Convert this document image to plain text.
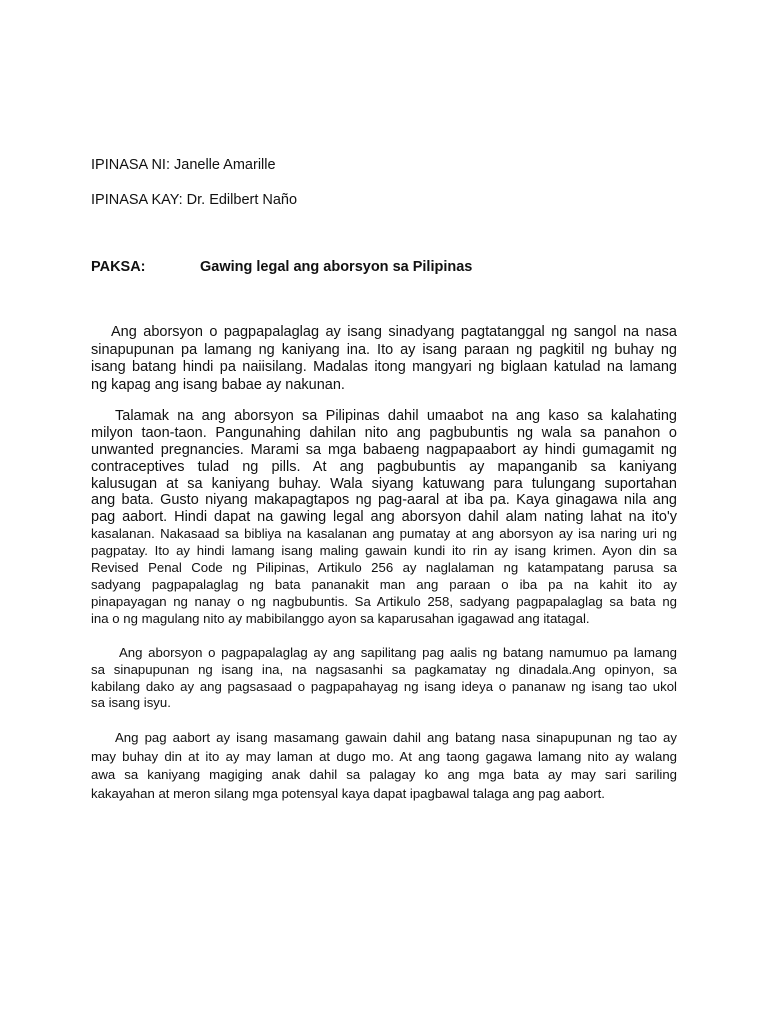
IPINASA NI: Janelle Amarille
IPINASA KAY: Dr. Edilbert Naño
PAKSA:	Gawing legal ang aborsyon sa Pilipinas
Ang aborsyon o pagpapalaglag ay isang sinadyang pagtatanggal ng sangol na nasa
sinapupunan pa lamang ng kaniyang ina. Ito ay isang paraan ng pagkitil ng buhay ng
isang batang hindi pa naiisilang. Madalas itong mangyari ng biglaan katulad na lamang
ng kapag ang isang babae ay nakunan.
Talamak na ang aborsyon sa Pilipinas dahil umaabot na ang kaso sa kalahating
milyon taon-taon. Pangunahing dahilan nito ang pagbubuntis ng wala sa panahon o
unwanted pregnancies. Marami sa mga babaeng nagpapaabort ay hindi gumagamit ng
contraceptives tulad ng pills. At ang pagbubuntis ay mapanganib sa kaniyang
kalusugan at sa kaniyang buhay. Wala siyang katuwang para tulungang suportahan
ang bata. Gusto niyang makapagtapos ng pag-aaral at iba pa. Kaya ginagawa nila ang
pag aabort. Hindi dapat na gawing legal ang aborsyon dahil alam nating lahat na ito'y
kasalanan. Nakasaad sa bibliya na kasalanan ang pumatay at ang aborsyon ay isa naring uri ng
pagpatay. Ito ay hindi lamang isang maling gawain kundi ito rin ay isang krimen. Ayon din sa
Revised Penal Code ng Pilipinas, Artikulo 256 ay naglalaman ng katampatang parusa sa
sadyang pagpapalaglag ng bata pananakit man ang paraan o iba pa na kahit ito ay
pinapayagan ng nanay o ng nagbubuntis. Sa Artikulo 258, sadyang pagpapalaglag sa bata ng
ina o ng magulang nito ay mabibilanggo ayon sa kaparusahan igagawad ang itatagal.
Ang aborsyon o pagpapalaglag ay ang sapilitang pag aalis ng batang namumuo pa lamang
sa sinapupunan ng isang ina, na nagsasanhi sa pagkamatay ng dinadala.Ang opinyon, sa
kabilang dako ay ang pagsasaad o pagpapahayag ng isang ideya o pananaw ng isang tao ukol
sa isang isyu.
Ang pag aabort ay isang masamang gawain dahil ang batang nasa sinapupunan ng tao ay
may buhay din at ito ay may laman at dugo mo. At ang taong gagawa lamang nito ay walang
awa sa kaniyang magiging anak dahil sa palagay ko ang mga bata ay may sari sariling
kakayahan at meron silang mga potensyal kaya dapat ipagbawal talaga ang pag aabort.
